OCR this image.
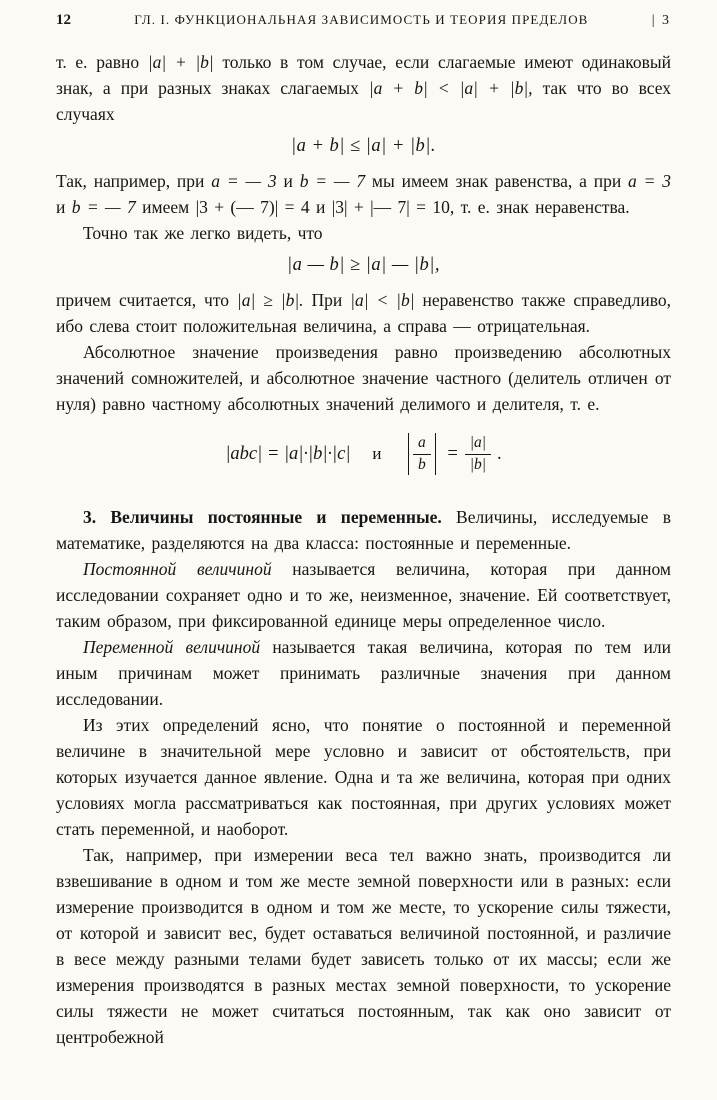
12	ГЛ. I. ФУНКЦИОНАЛЬНАЯ ЗАВИСИМОСТЬ И ТЕОРИЯ ПРЕДЕЛОВ	| 3

т. е. равно |a| + |b| только в том случае, если слагаемые имеют одинаковый знак, а при разных знаках слагаемых |a + b| < |a| + |b|, так что во всех случаях

|a + b| ≤ |a| + |b|.

Так, например, при a = — 3 и b = — 7 мы имеем знак равенства, а при a = 3 и b = — 7 имеем |3 + (— 7)| = 4 и |3| + |— 7| = 10, т. е. знак неравенства.

Точно так же легко видеть, что

|a — b| ≥ |a| — |b|,

причем считается, что |a| ≥ |b|. При |a| < |b| неравенство также справедливо, ибо слева стоит положительная величина, а справа — отрицательная.

Абсолютное значение произведения равно произведению абсолютных значений сомножителей, и абсолютное значение частного (делитель отличен от нуля) равно частному абсолютных значений делимого и делителя, т. е.

|abc| = |a|·|b|·|c| и $\frac{a}{b} = \frac{|a|}{|b|}$ .

3. Величины постоянные и переменные. Величины, исследуемые в математике, разделяются на два класса: постоянные и переменные.

Постоянной величиной называется величина, которая при данном исследовании сохраняет одно и то же, неизменное, значение. Ей соответствует, таким образом, при фиксированной единице меры определенное число.

Переменной величиной называется такая величина, которая по тем или иным причинам может принимать различные значения при данном исследовании.

Из этих определений ясно, что понятие о постоянной и переменной величине в значительной мере условно и зависит от обстоятельств, при которых изучается данное явление. Одна и та же величина, которая при одних условиях могла рассматриваться как постоянная, при других условиях может стать переменной, и наоборот.

Так, например, при измерении веса тел важно знать, производится ли взвешивание в одном и том же месте земной поверхности или в разных: если измерение производится в одном и том же месте, то ускорение силы тяжести, от которой и зависит вес, будет оставаться величиной постоянной, и различие в весе между разными телами будет зависеть только от их массы; если же измерения производятся в разных местах земной поверхности, то ускорение силы тяжести не может считаться постоянным, так как оно зависит от центробежной
